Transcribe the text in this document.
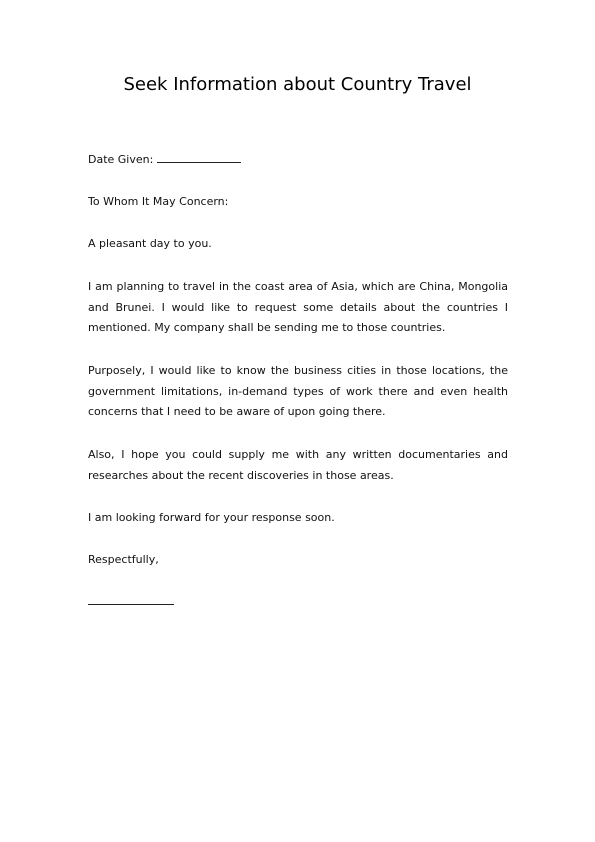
Seek Information about Country Travel

Date Given:

To Whom It May Concern:

A pleasant day to you.

I am planning to travel in the coast area of Asia, which are China, Mongolia and Brunei. I would like to request some details about the countries I mentioned. My company shall be sending me to those countries.

Purposely, I would like to know the business cities in those locations, the government limitations, in-demand types of work there and even health concerns that I need to be aware of upon going there.

Also, I hope you could supply me with any written documentaries and researches about the recent discoveries in those areas.

I am looking forward for your response soon.

Respectfully,
